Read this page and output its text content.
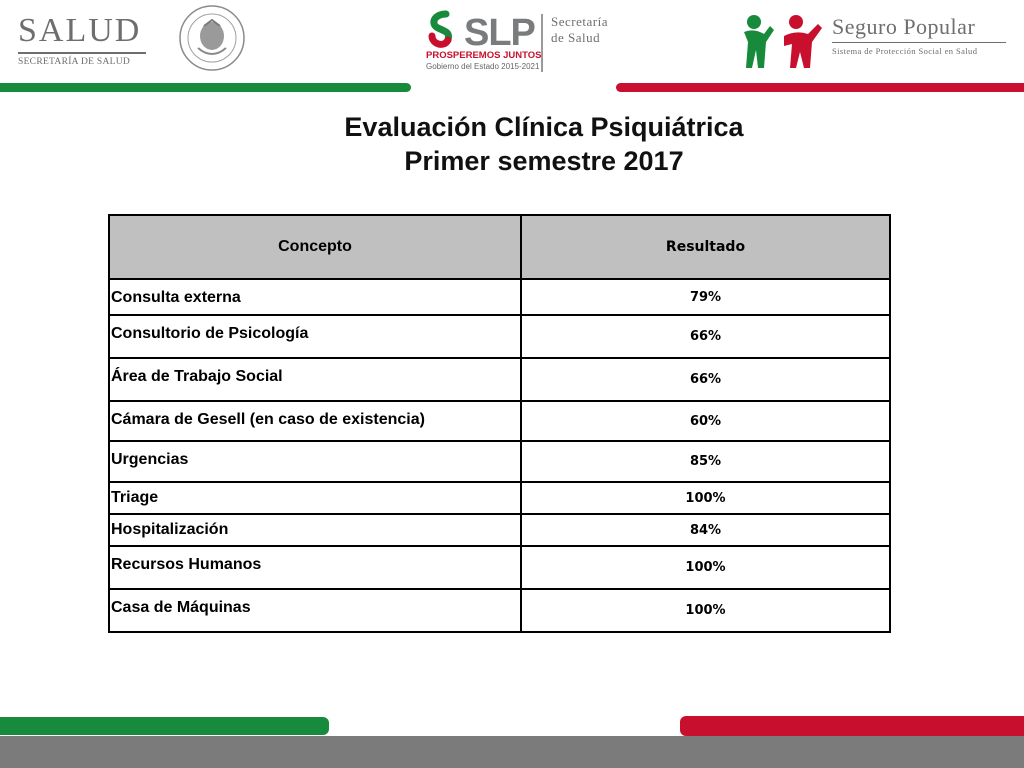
SALUD
SECRETARÍA DE SALUD
SLP
PROSPEREMOS JUNTOS
Gobierno del Estado 2015-2021
Secretaría
de Salud	Seguro Popular
Sistema de Protección Social en Salud
Evaluación Clínica Psiquiátrica
Primer semestre 2017
Concepto	Resultado
Consulta externa	79%
Consultorio de Psicología	66%
Área de Trabajo Social	66%
Cámara de Gesell (en caso de existencia)	60%
Urgencias	85%
Triage	100%
Hospitalización	84%
Recursos Humanos	100%
Casa de Máquinas	100%
